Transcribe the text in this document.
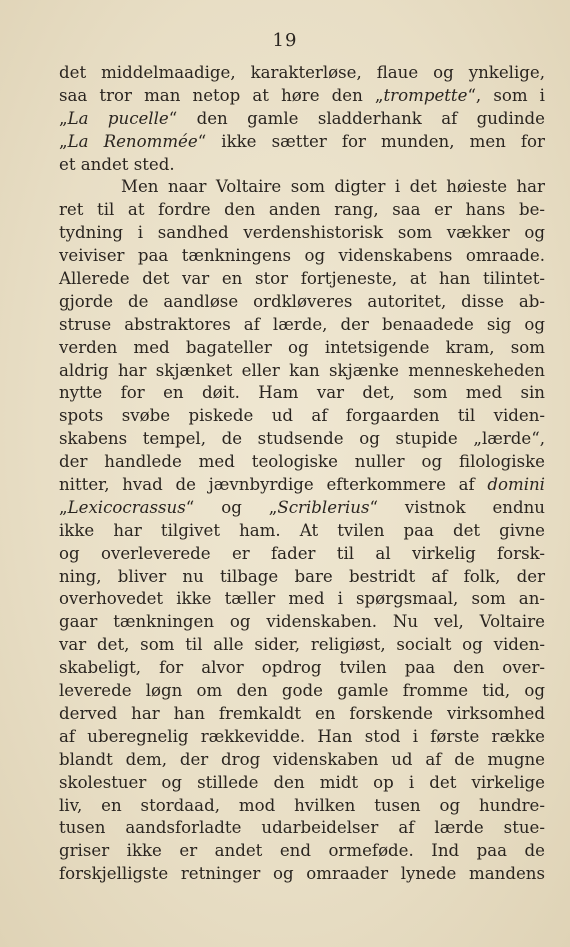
19
det middelmaadige, karakterløse, flaue og ynkelige,
saa tror man netop at høre den „trompette“, som i
„La pucelle“ den gamle sladderhank af gudinde
„La Renommée“ ikke sætter for munden, men for
et andet sted.
Men naar Voltaire som digter i det høieste har
ret til at fordre den anden rang, saa er hans be-
tydning i sandhed verdenshistorisk som vækker og
veiviser paa tænkningens og videnskabens omraade.
Allerede det var en stor fortjeneste, at han tilintet-
gjorde de aandløse ordkløveres autoritet, disse ab-
struse abstraktores af lærde, der benaadede sig og
verden med bagateller og intetsigende kram, som
aldrig har skjænket eller kan skjænke menneskeheden
nytte for en døit. Ham var det, som med sin
spots svøbe piskede ud af forgaarden til viden-
skabens tempel, de studsende og stupide „lærde“,
der handlede med teologiske nuller og filologiske
nitter, hvad de jævnbyrdige efterkommere af domini
„Lexicocrassus“ og „Scriblerius“ vistnok endnu
ikke har tilgivet ham. At tvilen paa det givne
og overleverede er fader til al virkelig forsk-
ning, bliver nu tilbage bare bestridt af folk, der
overhovedet ikke tæller med i spørgsmaal, som an-
gaar tænkningen og videnskaben. Nu vel, Voltaire
var det, som til alle sider, religiøst, socialt og viden-
skabeligt, for alvor opdrog tvilen paa den over-
leverede løgn om den gode gamle fromme tid, og
derved har han fremkaldt en forskende virksomhed
af uberegnelig rækkevidde. Han stod i første række
blandt dem, der drog videnskaben ud af de mugne
skolestuer og stillede den midt op i det virkelige
liv, en stordaad, mod hvilken tusen og hundre-
tusen aandsforladte udarbeidelser af lærde stue-
griser ikke er andet end ormeføde. Ind paa de
forskjelligste retninger og omraader lynede mandens
